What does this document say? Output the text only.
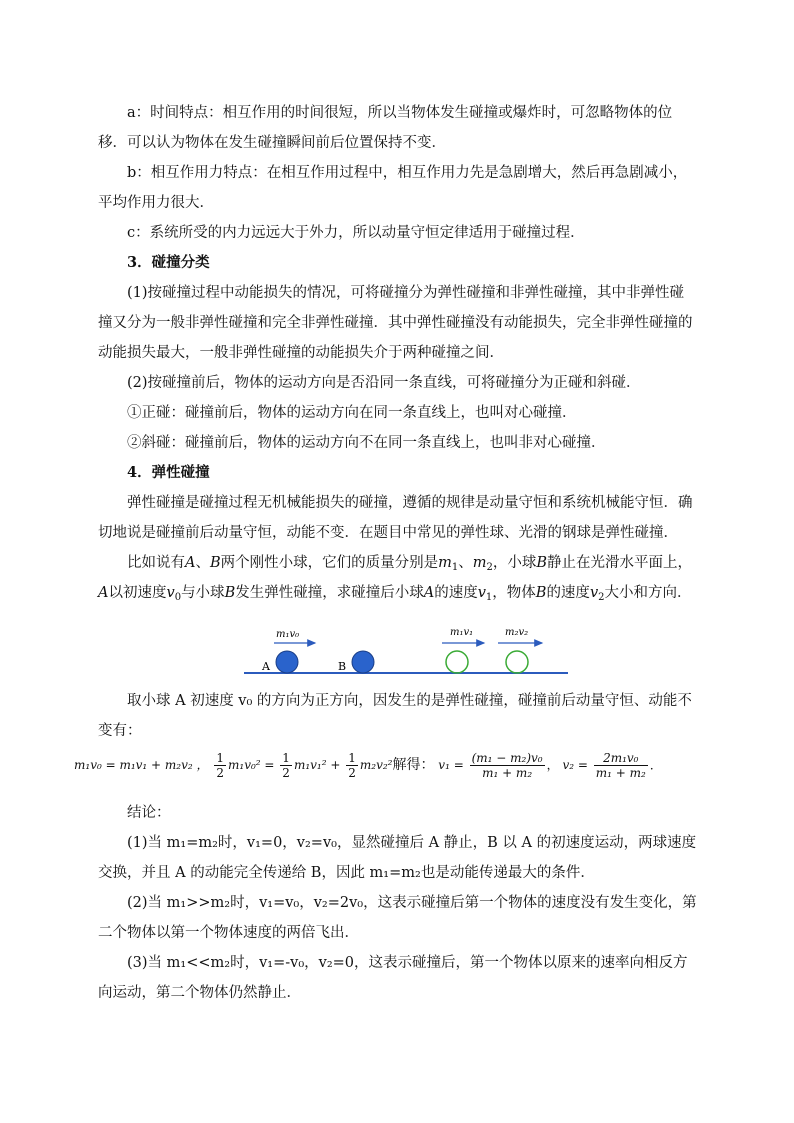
a：时间特点：相互作用的时间很短，所以当物体发生碰撞或爆炸时，可忽略物体的位移．可以认为物体在发生碰撞瞬间前后位置保持不变．

b：相互作用力特点：在相互作用过程中，相互作用力先是急剧增大，然后再急剧减小，平均作用力很大．

c：系统所受的内力远远大于外力，所以动量守恒定律适用于碰撞过程．

3．碰撞分类

(1)按碰撞过程中动能损失的情况，可将碰撞分为弹性碰撞和非弹性碰撞，其中非弹性碰撞又分为一般非弹性碰撞和完全非弹性碰撞．其中弹性碰撞没有动能损失，完全非弹性碰撞的动能损失最大，一般非弹性碰撞的动能损失介于两种碰撞之间．

(2)按碰撞前后，物体的运动方向是否沿同一条直线，可将碰撞分为正碰和斜碰．

①正碰：碰撞前后，物体的运动方向在同一条直线上，也叫对心碰撞．

②斜碰：碰撞前后，物体的运动方向不在同一条直线上，也叫非对心碰撞．

4．弹性碰撞

弹性碰撞是碰撞过程无机械能损失的碰撞，遵循的规律是动量守恒和系统机械能守恒．确切地说是碰撞前后动量守恒，动能不变．在题目中常见的弹性球、光滑的钢球是弹性碰撞．

比如说有A、B两个刚性小球，它们的质量分别是$m_1$、$m_2$，小球B静止在光滑水平面上，A以初速度$v_0$与小球B发生弹性碰撞，求碰撞后小球A的速度$v_1$，物体B的速度$v_2$大小和方向．

m₁v₀
A	B
m₁v₁	m₂v₂

取小球 A 初速度 v₀ 的方向为正方向，因发生的是弹性碰撞，碰撞前后动量守恒、动能不变有：

m₁v₀ = m₁v₁ + m₂v₂ ， $\frac{1}{2} m_1v_0^2 = \frac{1}{2} m_1v_1^2 + \frac{1}{2} m_2v_2^2$解得： $v_1 = \frac{\text{(m₁ − m₂)v₀}}{\text{m₁ + m₂}}$ ， $v_2 = \frac{\text{2m₁v₀}}{\text{m₁ + m₂}}$ ．

结论：

(1)当 m₁=m₂时，v₁=0，v₂=v₀，显然碰撞后 A 静止，B 以 A 的初速度运动，两球速度交换，并且 A 的动能完全传递给 B，因此 m₁=m₂也是动能传递最大的条件．

(2)当 m₁>>m₂时，v₁=v₀，v₂=2v₀，这表示碰撞后第一个物体的速度没有发生变化，第二个物体以第一个物体速度的两倍飞出．

(3)当 m₁<<m₂时，v₁=-v₀，v₂=0，这表示碰撞后，第一个物体以原来的速率向相反方向运动，第二个物体仍然静止．
